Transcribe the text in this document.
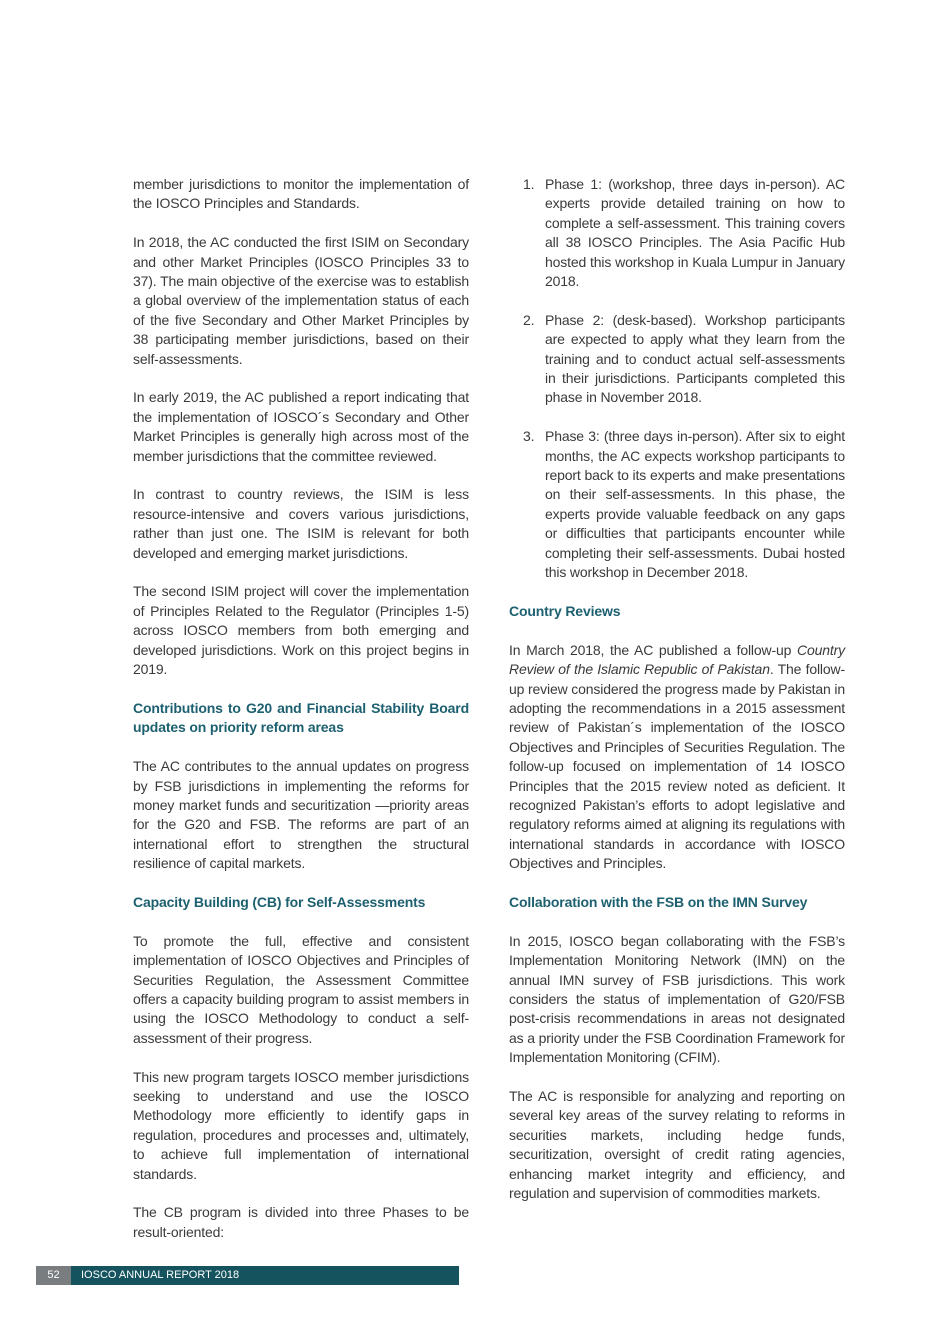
member jurisdictions to monitor the implementation of the IOSCO Principles and Standards.

In 2018, the AC conducted the first ISIM on Secondary and other Market Principles (IOSCO Principles 33 to 37). The main objective of the exercise was to establish a global overview of the implementation status of each of the five Secondary and Other Market Principles by 38 participating member jurisdictions, based on their self-assessments.

In early 2019, the AC published a report indicating that the implementation of IOSCO´s Secondary and Other Market Principles is generally high across most of the member jurisdictions that the committee reviewed.

In contrast to country reviews, the ISIM is less resource-intensive and covers various jurisdictions, rather than just one. The ISIM is relevant for both developed and emerging market jurisdictions.

The second ISIM project will cover the implementation of Principles Related to the Regulator (Principles 1-5) across IOSCO members from both emerging and developed jurisdictions. Work on this project begins in 2019.

Contributions to G20 and Financial Stability Board updates on priority reform areas

The AC contributes to the annual updates on progress by FSB jurisdictions in implementing the reforms for money market funds and securitization —priority areas for the G20 and FSB. The reforms are part of an international effort to strengthen the structural resilience of capital markets.

Capacity Building (CB) for Self-Assessments

To promote the full, effective and consistent implementation of IOSCO Objectives and Principles of Securities Regulation, the Assessment Committee offers a capacity building program to assist members in using the IOSCO Methodology to conduct a self-assessment of their progress.

This new program targets IOSCO member jurisdictions seeking to understand and use the IOSCO Methodology more efficiently to identify gaps in regulation, procedures and processes and, ultimately, to achieve full implementation of international standards.

The CB program is divided into three Phases to be result-oriented:

1. Phase 1: (workshop, three days in-person). AC experts provide detailed training on how to complete a self-assessment. This training covers all 38 IOSCO Principles. The Asia Pacific Hub hosted this workshop in Kuala Lumpur in January 2018.
2. Phase 2: (desk-based). Workshop participants are expected to apply what they learn from the training and to conduct actual self-assessments in their jurisdictions. Participants completed this phase in November 2018.
3. Phase 3: (three days in-person). After six to eight months, the AC expects workshop participants to report back to its experts and make presentations on their self-assessments. In this phase, the experts provide valuable feedback on any gaps or difficulties that participants encounter while completing their self-assessments. Dubai hosted this workshop in December 2018.
Country Reviews

In March 2018, the AC published a follow-up Country Review of the Islamic Republic of Pakistan. The follow-up review considered the progress made by Pakistan in adopting the recommendations in a 2015 assessment review of Pakistan´s implementation of the IOSCO Objectives and Principles of Securities Regulation. The follow-up focused on implementation of 14 IOSCO Principles that the 2015 review noted as deficient. It recognized Pakistan’s efforts to adopt legislative and regulatory reforms aimed at aligning its regulations with international standards in accordance with IOSCO Objectives and Principles.

Collaboration with the FSB on the IMN Survey

In 2015, IOSCO began collaborating with the FSB’s Implementation Monitoring Network (IMN) on the annual IMN survey of FSB jurisdictions. This work considers the status of implementation of G20/FSB post-crisis recommendations in areas not designated as a priority under the FSB Coordination Framework for Implementation Monitoring (CFIM).

The AC is responsible for analyzing and reporting on several key areas of the survey relating to reforms in securities markets, including hedge funds, securitization, oversight of credit rating agencies, enhancing market integrity and efficiency, and regulation and supervision of commodities markets.

52	IOSCO ANNUAL REPORT 2018
